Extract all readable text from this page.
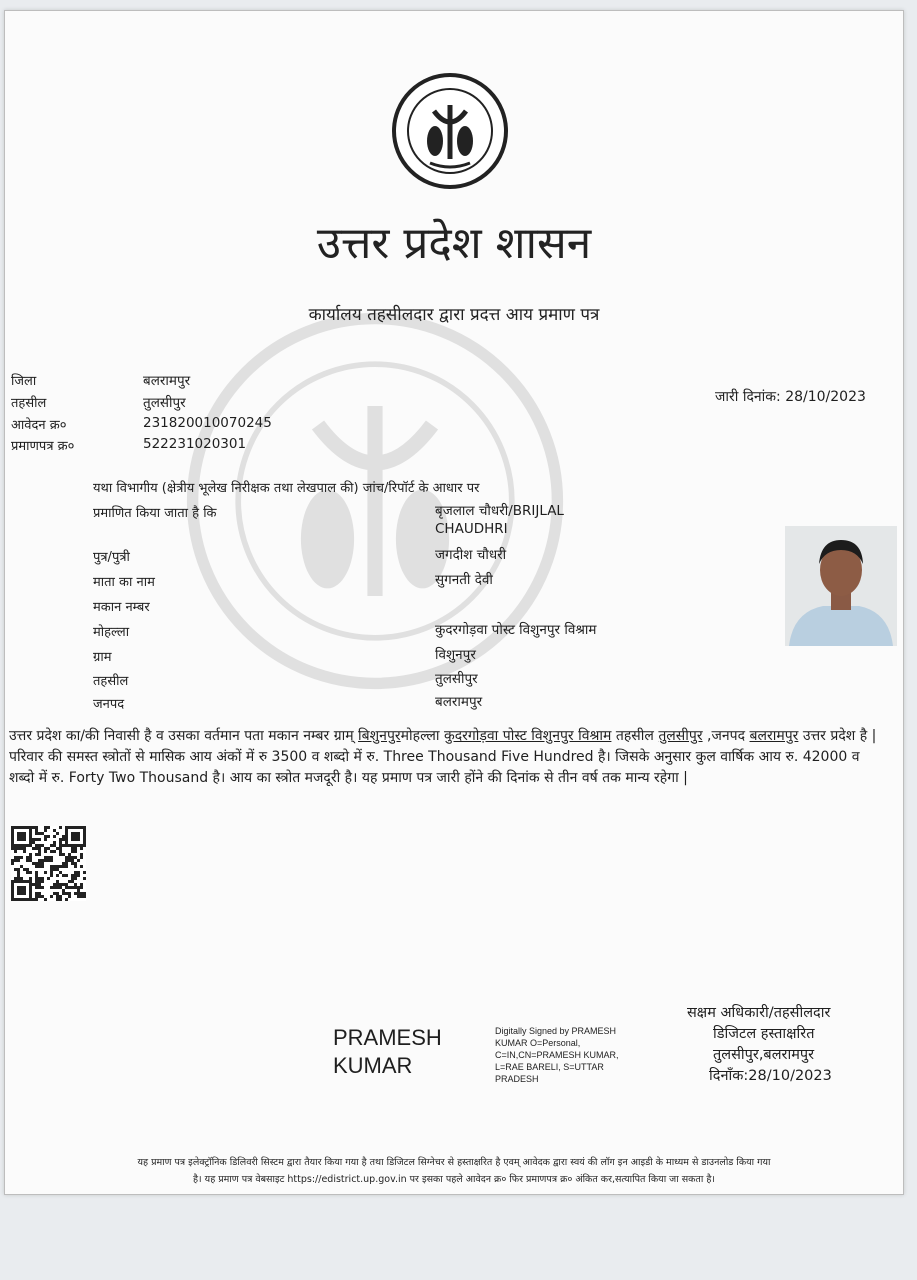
उत्तर प्रदेश शासन
कार्यालय तहसीलदार द्वारा प्रदत्त आय प्रमाण पत्र
जिला	बलरामपुर
तहसील	तुलसीपुर
आवेदन क्र०	231820010070245
प्रमाणपत्र क्र०	522231020301
जारी दिनांक: 28/10/2023
यथा विभागीय (क्षेत्रीय भूलेख निरीक्षक तथा लेखपाल की) जांच/रिपॉर्ट के आधार पर
प्रमाणित किया जाता है कि	बृजलाल चौधरी/BRIJLAL
CHAUDHRI
पुत्र/पुत्री	जगदीश चौधरी
माता का नाम	सुगनती देवी
मकान नम्बर
मोहल्ला	कुदरगोड़वा पोस्ट विशुनपुर विश्राम
ग्राम	विशुनपुर
तहसील	तुलसीपुर
जनपद	बलरामपुर
उत्तर प्रदेश का/की निवासी है व उसका वर्तमान पता मकान नम्बर ग्राम् बिशुनपुरमोहल्ला कुदरगोड़वा पोस्ट विशुनपुर विश्राम तहसील तुलसीपुर ,जनपद बलरामपुर उत्तर प्रदेश है | परिवार की समस्त स्त्रोतों से मासिक आय अंकों में रु 3500 व शब्दो में रु. Three Thousand Five Hundred है। जिसके अनुसार कुल वार्षिक आय रु. 42000 व शब्दो में रु. Forty Two Thousand है। आय का स्त्रोत मजदूरी है। यह प्रमाण पत्र जारी होंने की दिनांक से तीन वर्ष तक मान्य रहेगा |
PRAMESH
KUMAR
Digitally Signed by PRAMESH
KUMAR O=Personal,
C=IN,CN=PRAMESH KUMAR,
L=RAE BARELI, S=UTTAR
PRADESH
सक्षम अधिकारी/तहसीलदार
डिजिटल हस्ताक्षरित
तुलसीपुर,बलरामपुर
दिनाँक:28/10/2023
यह प्रमाण पत्र इलेक्ट्रॉनिक डिलिवरी सिस्टम द्वारा तैयार किया गया है तथा डिजिटल सिग्नेचर से हस्ताक्षरित है एवम् आवेदक द्वारा स्वयं की लॉग इन आइडी के माध्यम से डाउनलोड किया गया
है। यह प्रमाण पत्र वेबसाइट https://edistrict.up.gov.in पर इसका पहले आवेदन क्र० फिर प्रमाणपत्र क्र० अंकित कर,सत्यापित किया जा सकता है।
